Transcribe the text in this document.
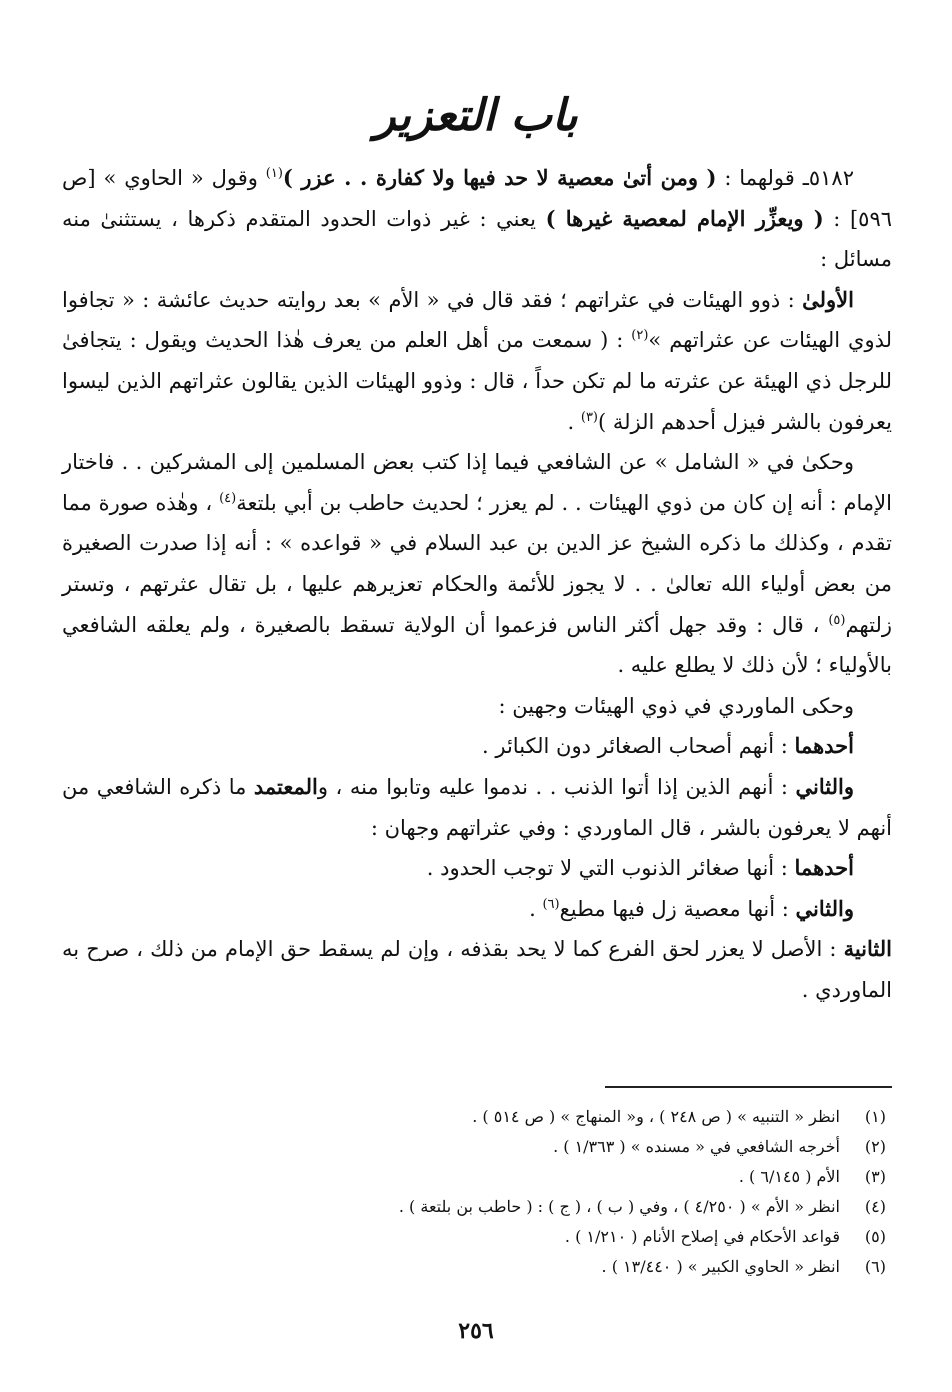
باب التعزير

٥١٨٢ـ قولهما : ( ومن أتىٰ معصية لا حد فيها ولا كفارة . . عزر )$^{(١)}$ وقول « الحاوي » [ص ٥٩٦] : ( ويعزِّر الإمام لمعصية غيرها ) يعني : غير ذوات الحدود المتقدم ذكرها ، يستثنىٰ منه مسائل :

الأولىٰ : ذوو الهيئات في عثراتهم ؛ فقد قال في « الأم » بعد روايته حديث عائشة : « تجافوا لذوي الهيئات عن عثراتهم »$^{(٢)}$ : ( سمعت من أهل العلم من يعرف هٰذا الحديث ويقول : يتجافىٰ للرجل ذي الهيئة عن عثرته ما لم تكن حداً ، قال : وذوو الهيئات الذين يقالون عثراتهم الذين ليسوا يعرفون بالشر فيزل أحدهم الزلة )$^{(٣)}$ .

وحكىٰ في « الشامل » عن الشافعي فيما إذا كتب بعض المسلمين إلى المشركين . . فاختار الإمام : أنه إن كان من ذوي الهيئات . . لم يعزر ؛ لحديث حاطب بن أبي بلتعة$^{(٤)}$ ، وهٰذه صورة مما تقدم ، وكذلك ما ذكره الشيخ عز الدين بن عبد السلام في « قواعده » : أنه إذا صدرت الصغيرة من بعض أولياء الله تعالىٰ . . لا يجوز للأئمة والحكام تعزيرهم عليها ، بل تقال عثرتهم ، وتستر زلتهم$^{(٥)}$ ، قال : وقد جهل أكثر الناس فزعموا أن الولاية تسقط بالصغيرة ، ولم يعلقه الشافعي بالأولياء ؛ لأن ذلك لا يطلع عليه .

وحكى الماوردي في ذوي الهيئات وجهين :

أحدهما : أنهم أصحاب الصغائر دون الكبائر .

والثاني : أنهم الذين إذا أتوا الذنب . . ندموا عليه وتابوا منه ، والمعتمد ما ذكره الشافعي من أنهم لا يعرفون بالشر ، قال الماوردي : وفي عثراتهم وجهان :

أحدهما : أنها صغائر الذنوب التي لا توجب الحدود .

والثاني : أنها معصية زل فيها مطيع$^{(٦)}$ .

الثانية : الأصل لا يعزر لحق الفرع كما لا يحد بقذفه ، وإن لم يسقط حق الإمام من ذلك ، صرح به الماوردي .

(١)انظر « التنبيه » ( ص ٢٤٨ ) ، و« المنهاج » ( ص ٥١٤ ) .
(٢)أخرجه الشافعي في « مسنده » ( ١/٣٦٣ ) .
(٣)الأم ( ٦/١٤٥ ) .
(٤)انظر « الأم » ( ٤/٢٥٠ ) ، وفي ( ب ) ، ( ج ) : ( حاطب بن بلتعة ) .
(٥)قواعد الأحكام في إصلاح الأنام ( ١/٢١٠ ) .
(٦)انظر « الحاوي الكبير » ( ١٣/٤٤٠ ) .
٢٥٦
